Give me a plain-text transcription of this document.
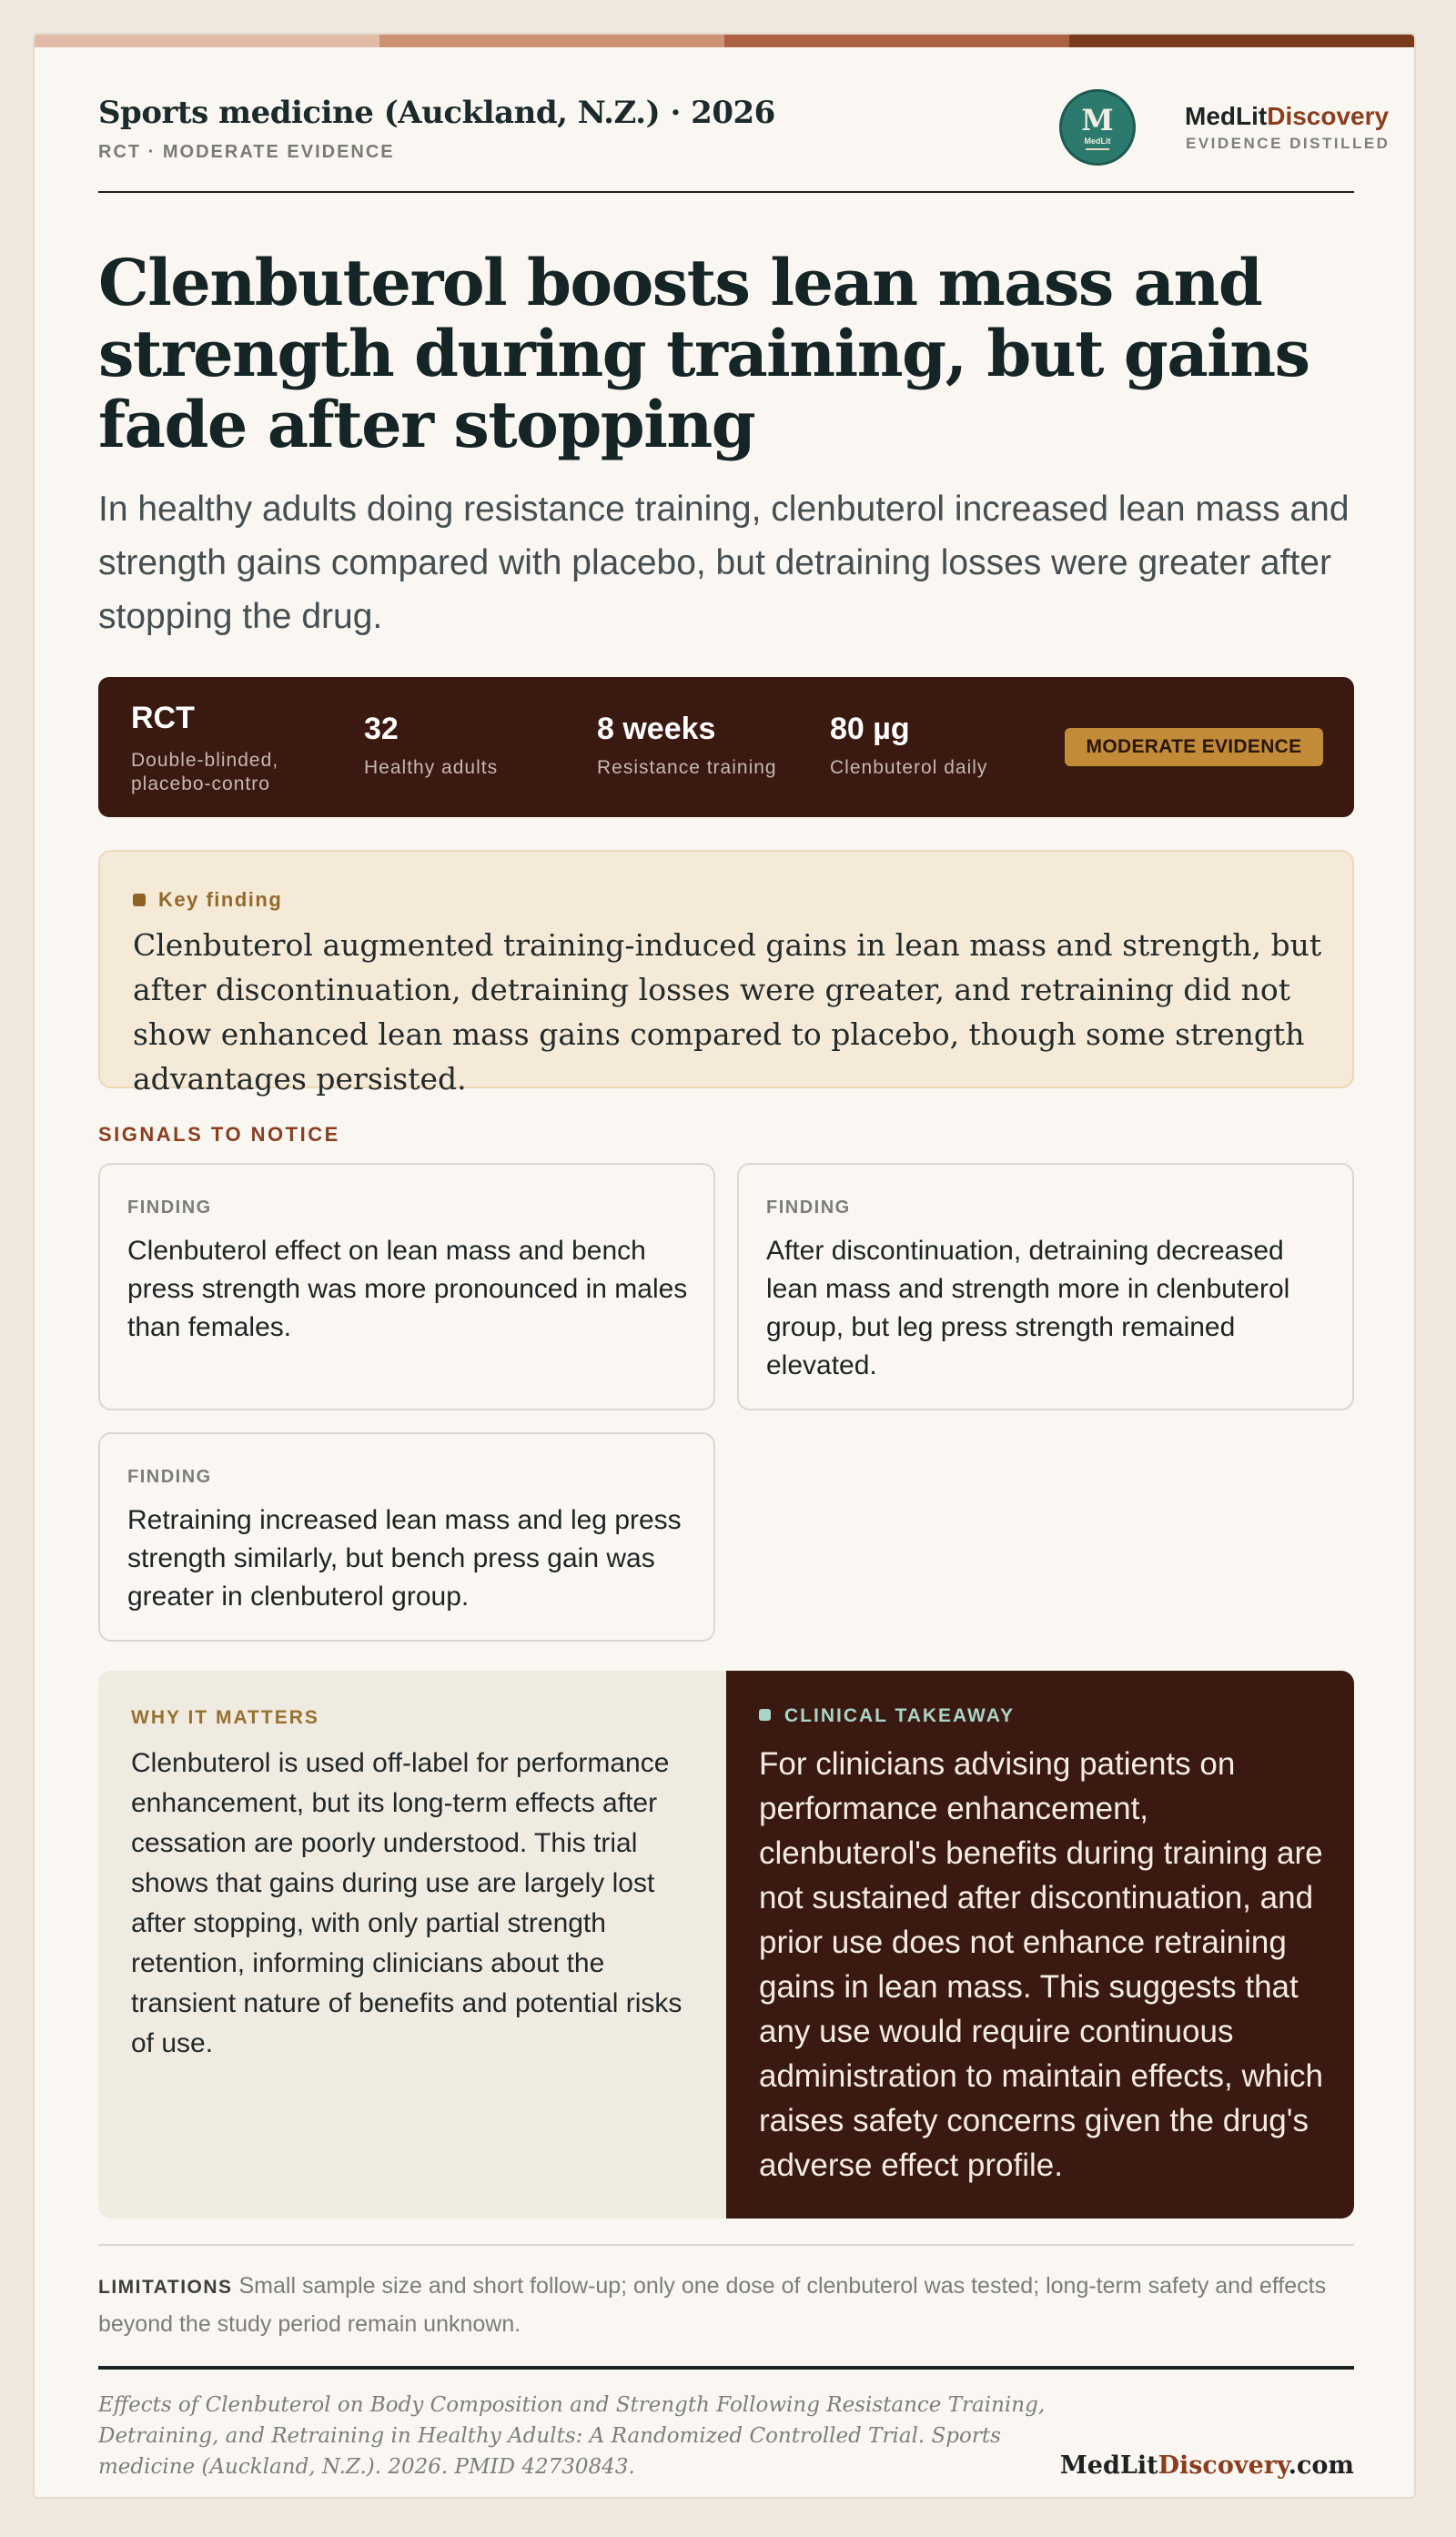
Sports medicine (Auckland, N.Z.) · 2026
RCT · MODERATE EVIDENCE
M
MedLit
MedLitDiscovery
EVIDENCE DISTILLED
Clenbuterol boosts lean mass and strength during training, but gains fade after stopping

In healthy adults doing resistance training, clenbuterol increased lean mass and strength gains compared with placebo, but detraining losses were greater after stopping the drug.

RCT
Double-blinded, placebo-contro
32
Healthy adults
8 weeks
Resistance training
80 µg
Clenbuterol daily
MODERATE EVIDENCE
Key finding

Clenbuterol augmented training-induced gains in lean mass and strength, but after discontinuation, detraining losses were greater, and retraining did not show enhanced lean mass gains compared to placebo, though some strength advantages persisted.

SIGNALS TO NOTICE
FINDING
Clenbuterol effect on lean mass and bench press strength was more pronounced in males than females.
FINDING
After discontinuation, detraining decreased lean mass and strength more in clenbuterol group, but leg press strength remained elevated.
FINDING
Retraining increased lean mass and leg press strength similarly, but bench press gain was greater in clenbuterol group.
WHY IT MATTERS
Clenbuterol is used off-label for performance enhancement, but its long-term effects after cessation are poorly understood. This trial shows that gains during use are largely lost after stopping, with only partial strength retention, informing clinicians about the transient nature of benefits and potential risks of use.
CLINICAL TAKEAWAY
For clinicians advising patients on performance enhancement, clenbuterol's benefits during training are not sustained after discontinuation, and prior use does not enhance retraining gains in lean mass. This suggests that any use would require continuous administration to maintain effects, which raises safety concerns given the drug's adverse effect profile.

LIMITATIONS Small sample size and short follow-up; only one dose of clenbuterol was tested; long-term safety and effects beyond the study period remain unknown.

Effects of Clenbuterol on Body Composition and Strength Following Resistance Training, Detraining, and Retraining in Healthy Adults: A Randomized Controlled Trial. Sports medicine (Auckland, N.Z.). 2026. PMID 42730843.	MedLitDiscovery.com
